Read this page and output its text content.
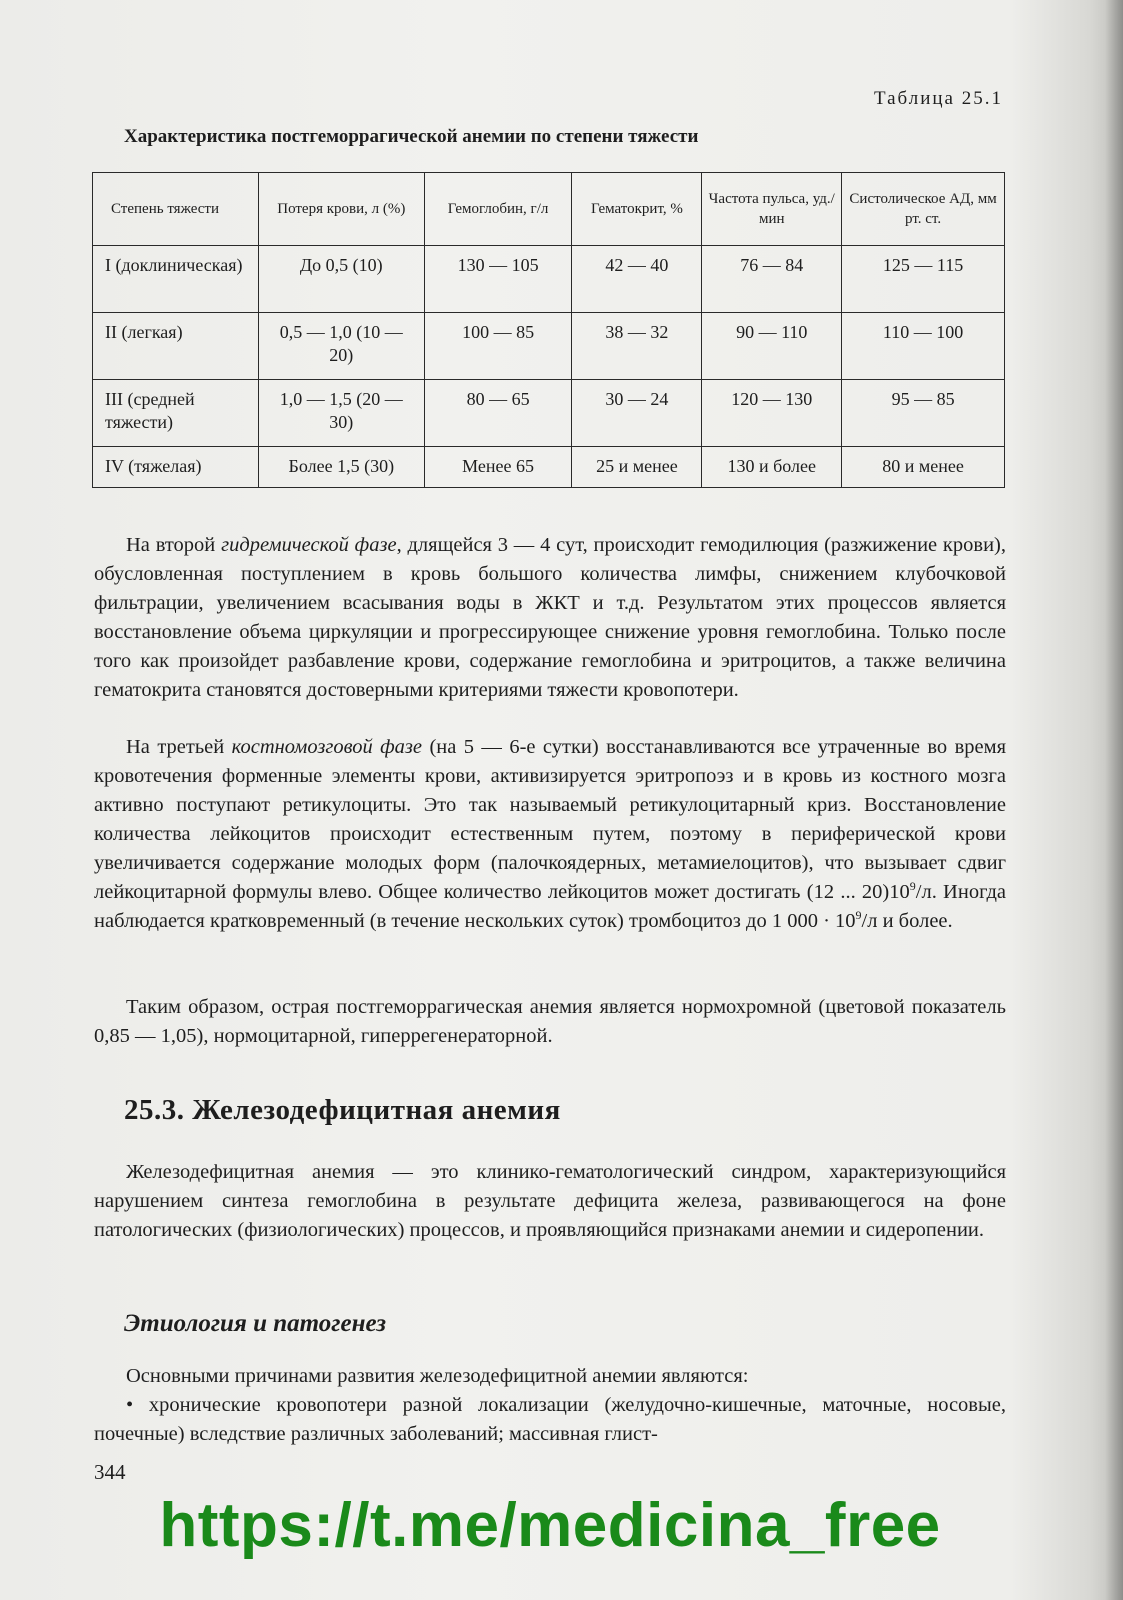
Таблица 25.1
Характеристика постгеморрагической анемии по степени тяжести
Степень тяжести	Потеря крови, л (%)	Гемоглобин, г/л	Гематокрит, %	Частота пульса, уд./мин	Систолическое АД, мм рт. ст.
I (доклиническая)	До 0,5 (10)	130 — 105	42 — 40	76 — 84	125 — 115
II (легкая)	0,5 — 1,0 (10 — 20)	100 — 85	38 — 32	90 — 110	110 — 100
III (средней тяжести)	1,0 — 1,5 (20 — 30)	80 — 65	30 — 24	120 — 130	95 — 85
IV (тяжелая)	Более 1,5 (30)	Менее 65	25 и менее	130 и более	80 и менее

На второй гидремической фазе, длящейся 3 — 4 сут, происходит гемодилюция (разжижение крови), обусловленная поступлением в кровь большого количества лимфы, снижением клубочковой фильтрации, увеличением всасывания воды в ЖКТ и т.д. Результатом этих процессов является восстановление объема циркуляции и прогрессирующее снижение уровня гемоглобина. Только после того как произойдет разбавление крови, содержание гемоглобина и эритроцитов, а также величина гематокрита становятся достоверными критериями тяжести кровопотери.

На третьей костномозговой фазе (на 5 — 6-е сутки) восстанавливаются все утраченные во время кровотечения форменные элементы крови, активизируется эритропоэз и в кровь из костного мозга активно поступают ретикулоциты. Это так называемый ретикулоцитарный криз. Восстановление количества лейкоцитов происходит естественным путем, поэтому в периферической крови увеличивается содержание молодых форм (палочкоядерных, метамиелоцитов), что вызывает сдвиг лейкоцитарной формулы влево. Общее количество лейкоцитов может достигать (12 ... $20)10^9/л$. Иногда наблюдается кратковременный (в течение нескольких суток) тромбоцитоз до 1 $000 \cdot 10^9/л$ и более.

Таким образом, острая постгеморрагическая анемия является нормохромной (цветовой показатель 0,85 — 1,05), нормоцитарной, гиперрегенераторной.

25.3. Железодефицитная анемия

Железодефицитная анемия — это клинико-гематологический синдром, характеризующийся нарушением синтеза гемоглобина в результате дефицита железа, развивающегося на фоне патологических (физиологических) процессов, и проявляющийся признаками анемии и сидеропении.

Этиология и патогенез

Основными причинами развития железодефицитной анемии являются:

• хронические кровопотери разной локализации (желудочно-кишечные, маточные, носовые, почечные) вследствие различных заболеваний; массивная глист-

344
https://t.me/medicina_free
